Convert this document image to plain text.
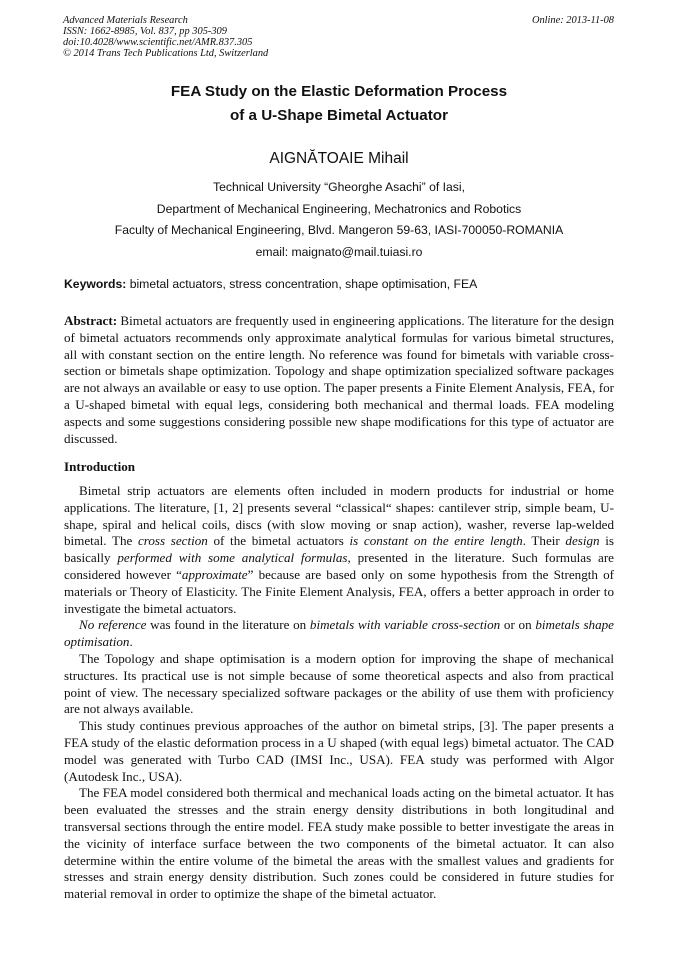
Advanced Materials Research
ISSN: 1662-8985, Vol. 837, pp 305-309
doi:10.4028/www.scientific.net/AMR.837.305
© 2014 Trans Tech Publications Ltd, Switzerland
Online: 2013-11-08
FEA Study on the Elastic Deformation Process
of a U-Shape Bimetal Actuator
AIGNĂTOAIE Mihail
Technical University “Gheorghe Asachi” of Iasi,
Department of Mechanical Engineering, Mechatronics and Robotics
Faculty of Mechanical Engineering, Blvd. Mangeron 59-63, IASI-700050-ROMANIA
email: maignato@mail.tuiasi.ro
Keywords: bimetal actuators, stress concentration, shape optimisation, FEA

Abstract: Bimetal actuators are frequently used in engineering applications. The literature for the design of bimetal actuators recommends only approximate analytical formulas for various bimetal structures, all with constant section on the entire length. No reference was found for bimetals with variable cross-section or bimetals shape optimization. Topology and shape optimization specialized software packages are not always an available or easy to use option. The paper presents a Finite Element Analysis, FEA, for a U-shaped bimetal with equal legs, considering both mechanical and thermal loads. FEA modeling aspects and some suggestions considering possible new shape modifications for this type of actuator are discussed.

Introduction

Bimetal strip actuators are elements often included in modern products for industrial or home applications. The literature, [1, 2] presents several “classical“ shapes: cantilever strip, simple beam, U-shape, spiral and helical coils, discs (with slow moving or snap action), washer, reverse lap-welded bimetal. The cross section of the bimetal actuators is constant on the entire length. Their design is basically performed with some analytical formulas, presented in the literature. Such formulas are considered however “approximate” because are based only on some hypothesis from the Strength of materials or Theory of Elasticity. The Finite Element Analysis, FEA, offers a better approach in order to investigate the bimetal actuators.

No reference was found in the literature on bimetals with variable cross-section or on bimetals shape optimisation.

The Topology and shape optimisation is a modern option for improving the shape of mechanical structures. Its practical use is not simple because of some theoretical aspects and also from practical point of view. The necessary specialized software packages or the ability of use them with proficiency are not always available.

This study continues previous approaches of the author on bimetal strips, [3]. The paper presents a FEA study of the elastic deformation process in a U shaped (with equal legs) bimetal actuator. The CAD model was generated with Turbo CAD (IMSI Inc., USA). FEA study was performed with Algor (Autodesk Inc., USA).

The FEA model considered both thermical and mechanical loads acting on the bimetal actuator. It has been evaluated the stresses and the strain energy density distributions in both longitudinal and transversal sections through the entire model. FEA study make possible to better investigate the areas in the vicinity of interface surface between the two components of the bimetal actuator. It can also determine within the entire volume of the bimetal the areas with the smallest values and gradients for stresses and strain energy density distribution. Such zones could be considered in future studies for material removal in order to optimize the shape of the bimetal actuator.
